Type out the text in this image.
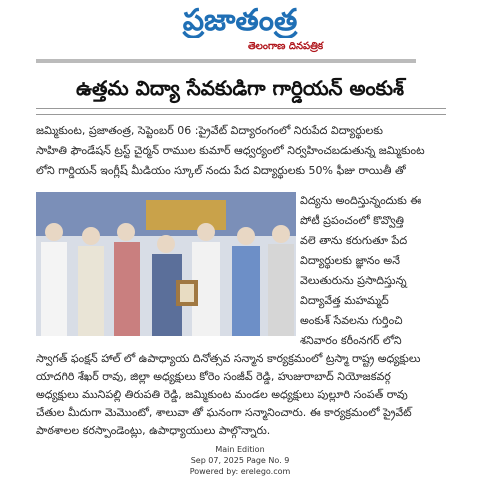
ప్రజాతంత్ర
తెలంగాణ దినపత్రిక
ఉత్తమ విద్యా సేవకుడిగా గార్డియన్ అంకుశ్
జమ్మికుంట, ప్రజాతంత్ర, సెప్టెంబర్ 06 :ప్రైవేట్ విద్యారంగంలో నిరుపేద విద్యార్థులకు
సాహితి ఫౌండేషన్ ట్రస్ట్ చైర్మన్ రాముల కుమార్ ఆధ్వర్యంలో నిర్వహించబడుతున్న జమ్మికుంట
లోని గార్డియన్ ఇంగ్లీష్ మీడియం స్కూల్ నందు పేద విద్యార్థులకు 50% ఫీజు రాయితీ తో
విద్యను అందిస్తున్నందుకు ఈ
పోటీ ప్రపంచంలో కొవ్వొత్తి
వలె తాను కరుగుతూ పేద
విద్యార్థులకు జ్ఞానం అనే
వెలుతురును ప్రసాదిస్తున్న
విద్యావేత్త మహమ్మద్
అంకుశ్ సేవలను గుర్తించి
శనివారం కరీంనగర్ లోని
స్వాగత్ ఫంక్షన్ హాల్ లో ఉపాధ్యాయ దినోత్సవ సన్మాన కార్యక్రమంలో ట్రస్మా రాష్ట్ర అధ్యక్షులు
యాదగిరి శేఖర్ రావు, జిల్లా అధ్యక్షులు కోరెం సంజీవ్ రెడ్డి, హుజురాబాద్ నియోజకవర్గ
అధ్యక్షులు మునిపల్లి తిరుపతి రెడ్డి, జమ్మికుంట మండల అధ్యక్షులు పుల్లూరి సంపత్ రావు
చేతుల మీదుగా మెమొంటో, శాలువా తో ఘనంగా సన్మానించారు. ఈ కార్యక్రమంలో ప్రైవేట్
పాఠశాలల కరస్పాండెంట్లు, ఉపాధ్యాయులు పాల్గొన్నారు.
Main Edition
Sep 07, 2025 Page No. 9
Powered by: erelego.com
